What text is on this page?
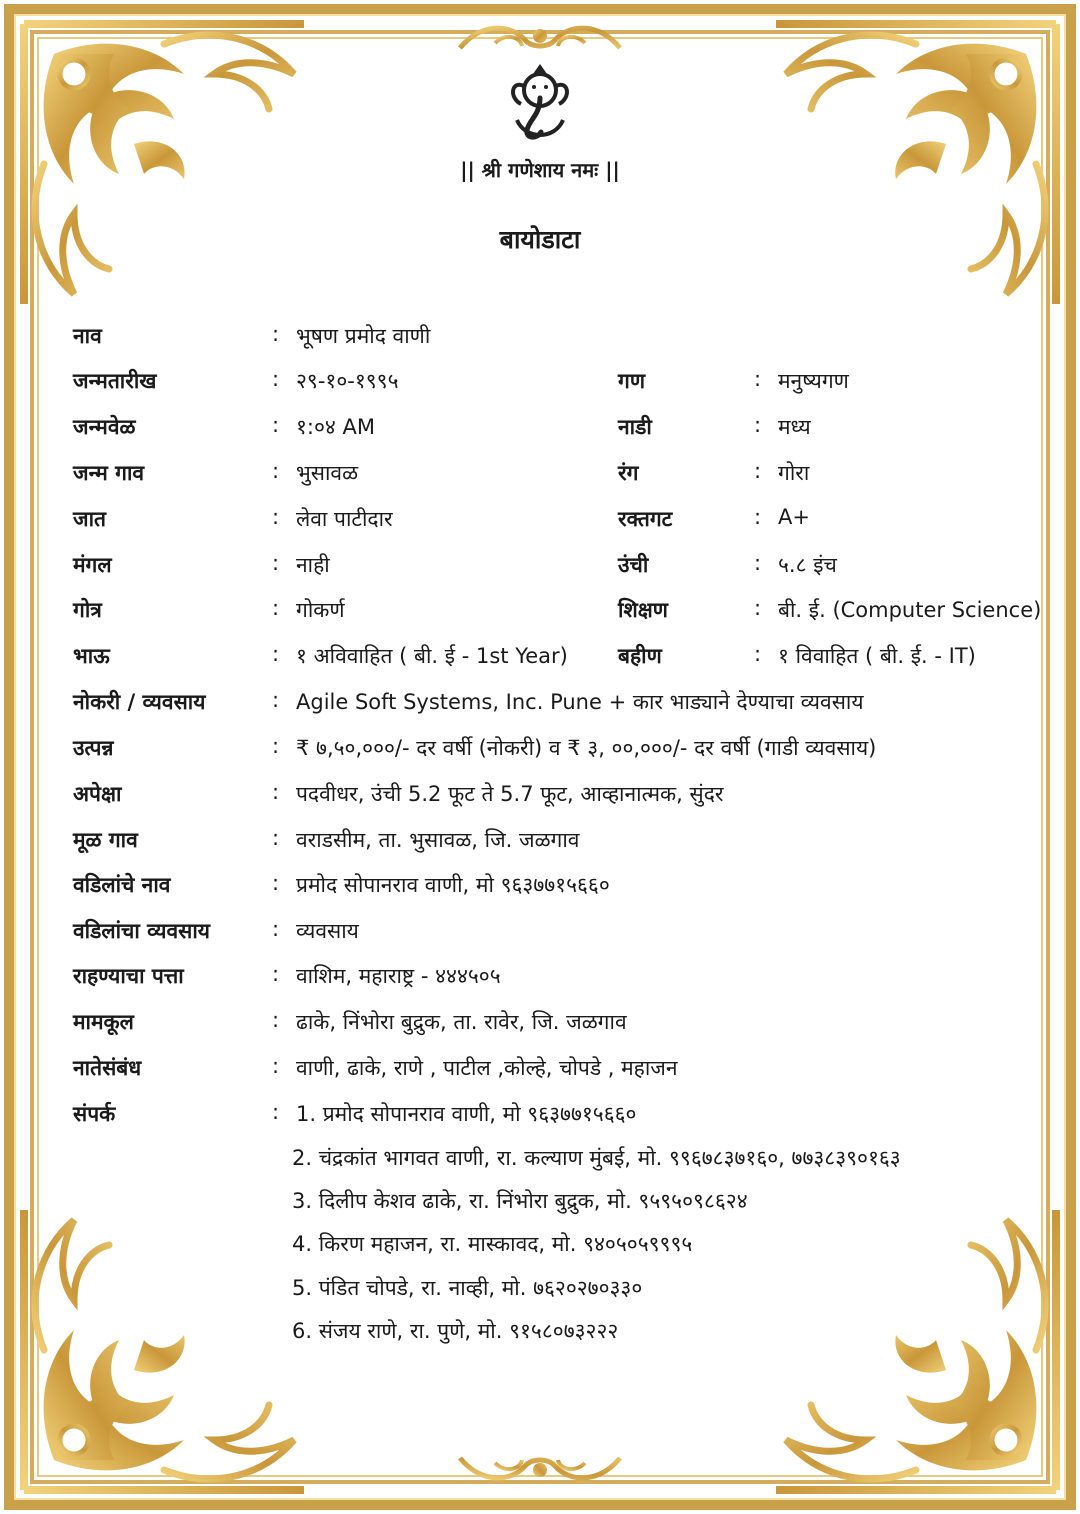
|| श्री गणेशाय नमः ||
बायोडाटा
नाव	: भूषण प्रमोद वाणी
जन्मतारीख	: २९-१०-१९९५	गण	: मनुष्यगण
जन्मवेळ	: १:०४ AM	नाडी	: मध्य
जन्म गाव	: भुसावळ	रंग	: गोरा
जात	: लेवा पाटीदार	रक्तगट	: A+
मंगल	: नाही	उंची	: ५.८ इंच
गोत्र	: गोकर्ण	शिक्षण	: बी. ई. (Computer Science)
भाऊ	: १ अविवाहित ( बी. ई - 1st Year) बहीण	: १ विवाहित ( बी. ई. - IT)
नोकरी / व्यवसाय	: Agile Soft Systems, Inc. Pune + कार भाड्याने देण्याचा व्यवसाय
उत्पन्न	: ₹ ७,५०,०००/- दर वर्षी (नोकरी) व ₹ ३, ००,०००/- दर वर्षी (गाडी व्यवसाय)
अपेक्षा	: पदवीधर, उंची 5.2 फूट ते 5.7 फूट, आव्हानात्मक, सुंदर
मूळ गाव	: वराडसीम, ता. भुसावळ, जि. जळगाव
वडिलांचे नाव	: प्रमोद सोपानराव वाणी, मो ९६३७७१५६६०
वडिलांचा व्यवसाय	: व्यवसाय
राहण्याचा पत्ता	: वाशिम, महाराष्ट्र - ४४४५०५
मामकूल	: ढाके, निंभोरा बुद्रुक, ता. रावेर, जि. जळगाव
नातेसंबंध	: वाणी, ढाके, राणे , पाटील ,कोल्हे, चोपडे , महाजन
संपर्क	: 1. प्रमोद सोपानराव वाणी, मो ९६३७७१५६६०
2. चंद्रकांत भागवत वाणी, रा. कल्याण मुंबई, मो. ९९६७८३७१६०, ७७३८३९०१६३
3. दिलीप केशव ढाके, रा. निंभोरा बुद्रुक, मो. ९५९५०९८६२४
4. किरण महाजन, रा. मास्कावद, मो. ९४०५०५९९९५
5. पंडित चोपडे, रा. नाव्ही, मो. ७६२०२७०३३०
6. संजय राणे, रा. पुणे, मो. ९१५८०७३२२२
